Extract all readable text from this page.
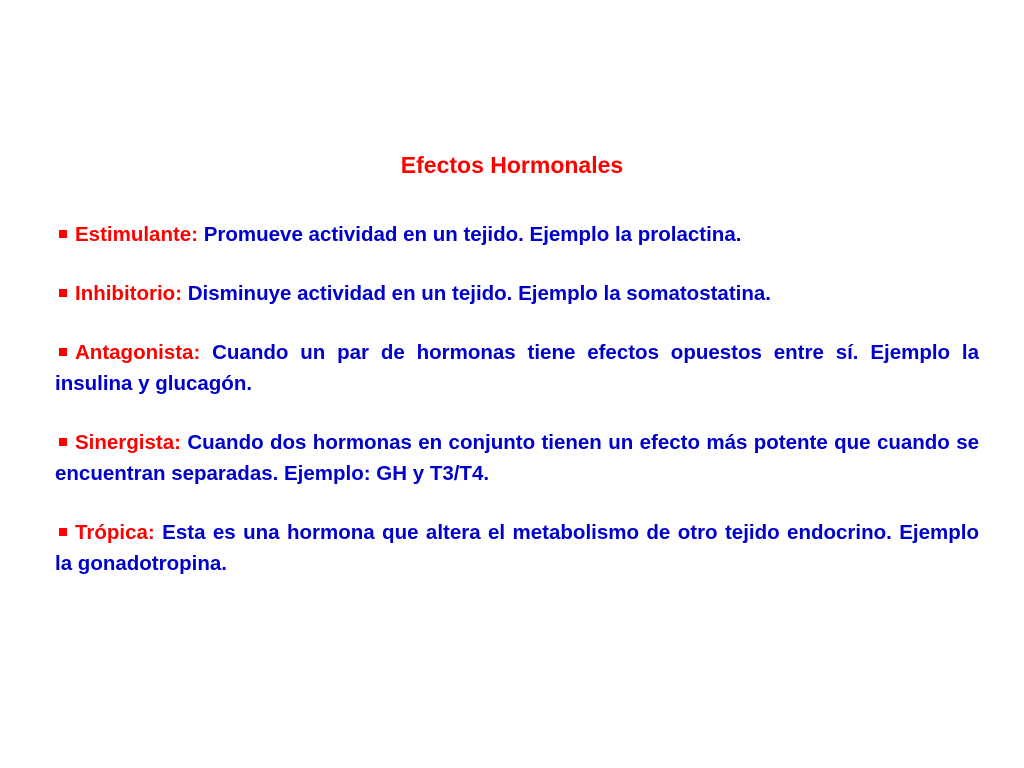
Efectos Hormonales

Estimulante: Promueve actividad en un tejido. Ejemplo la prolactina.

Inhibitorio: Disminuye actividad en un tejido. Ejemplo la somatostatina.

Antagonista: Cuando un par de hormonas tiene efectos opuestos entre sí. Ejemplo la insulina y glucagón.

Sinergista: Cuando dos hormonas en conjunto tienen un efecto más potente que cuando se encuentran separadas. Ejemplo: GH y T3/T4.

Trópica: Esta es una hormona que altera el metabolismo de otro tejido endocrino. Ejemplo la gonadotropina.
